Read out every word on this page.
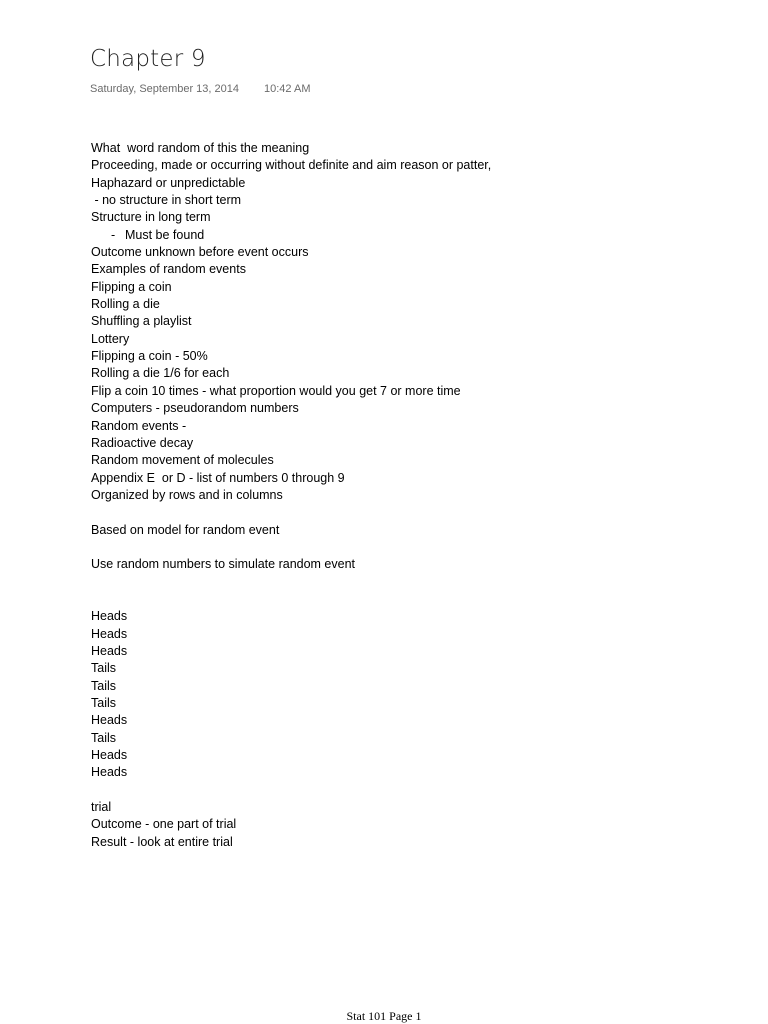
Chapter 9
Saturday, September 13, 2014 10:42 AM
What  word random of this the meaning
Proceeding, made or occurring without definite and aim reason or patter,
Haphazard or unpredictable
- no structure in short term
Structure in long term
- Must be found
Outcome unknown before event occurs
Examples of random events
Flipping a coin
Rolling a die
Shuffling a playlist
Lottery
Flipping a coin - 50%
Rolling a die 1/6 for each
Flip a coin 10 times - what proportion would you get 7 or more time
Computers - pseudorandom numbers
Random events -
Radioactive decay
Random movement of molecules
Appendix E  or D - list of numbers 0 through 9
Organized by rows and in columns
Based on model for random event
Use random numbers to simulate random event
Heads
Heads
Heads
Tails
Tails
Tails
Heads
Tails
Heads
Heads
trial
Outcome - one part of trial
Result - look at entire trial
Stat 101 Page 1
